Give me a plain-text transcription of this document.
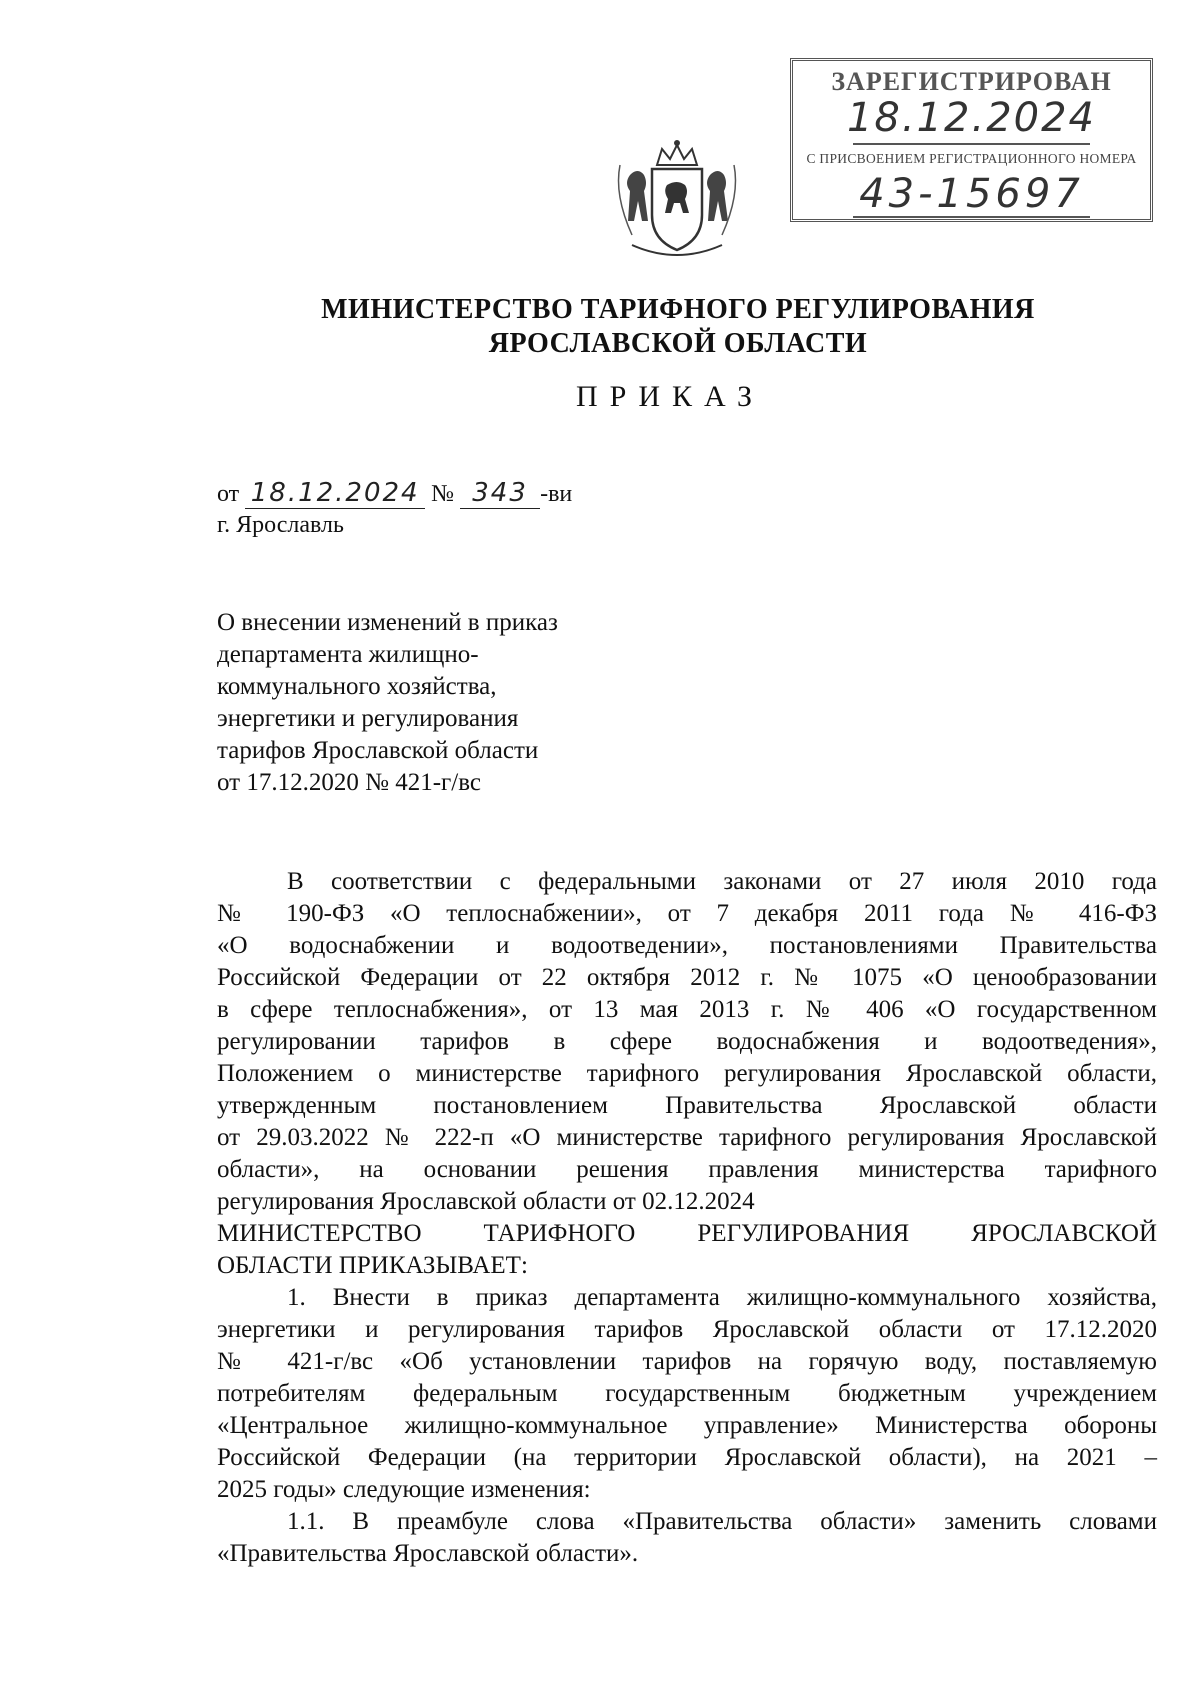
ЗАРЕГИСТРИРОВАН
18.12.2024
С ПРИСВОЕНИЕМ РЕГИСТРАЦИОННОГО НОМЕРА
43-15697
МИНИСТЕРСТВО ТАРИФНОГО РЕГУЛИРОВАНИЯ
ЯРОСЛАВСКОЙ ОБЛАСТИ
ПРИКАЗ
от 18.12.2024 № 343 -ви
г. Ярославль
О внесении изменений в приказ
департамента жилищно-
коммунального хозяйства,
энергетики и регулирования
тарифов Ярославской области
от 17.12.2020 № 421-г/вс
В соответствии с федеральными законами от 27 июля 2010 года
№ 190-ФЗ «О теплоснабжении», от 7 декабря 2011 года № 416-ФЗ
«О водоснабжении и водоотведении», постановлениями Правительства
Российской Федерации от 22 октября 2012 г. № 1075 «О ценообразовании
в сфере теплоснабжения», от 13 мая 2013 г. № 406 «О государственном
регулировании тарифов в сфере водоснабжения и водоотведения»,
Положением о министерстве тарифного регулирования Ярославской области,
утвержденным постановлением Правительства Ярославской области
от 29.03.2022 № 222-п «О министерстве тарифного регулирования Ярославской
области», на основании решения правления министерства тарифного
регулирования Ярославской области от 02.12.2024
МИНИСТЕРСТВО ТАРИФНОГО РЕГУЛИРОВАНИЯ ЯРОСЛАВСКОЙ
ОБЛАСТИ ПРИКАЗЫВАЕТ:
1. Внести в приказ департамента жилищно-коммунального хозяйства,
энергетики и регулирования тарифов Ярославской области от 17.12.2020
№ 421-г/вс «Об установлении тарифов на горячую воду, поставляемую
потребителям федеральным государственным бюджетным учреждением
«Центральное жилищно-коммунальное управление» Министерства обороны
Российской Федерации (на территории Ярославской области), на 2021 –
2025 годы» следующие изменения:
1.1. В преамбуле слова «Правительства области» заменить словами
«Правительства Ярославской области».
